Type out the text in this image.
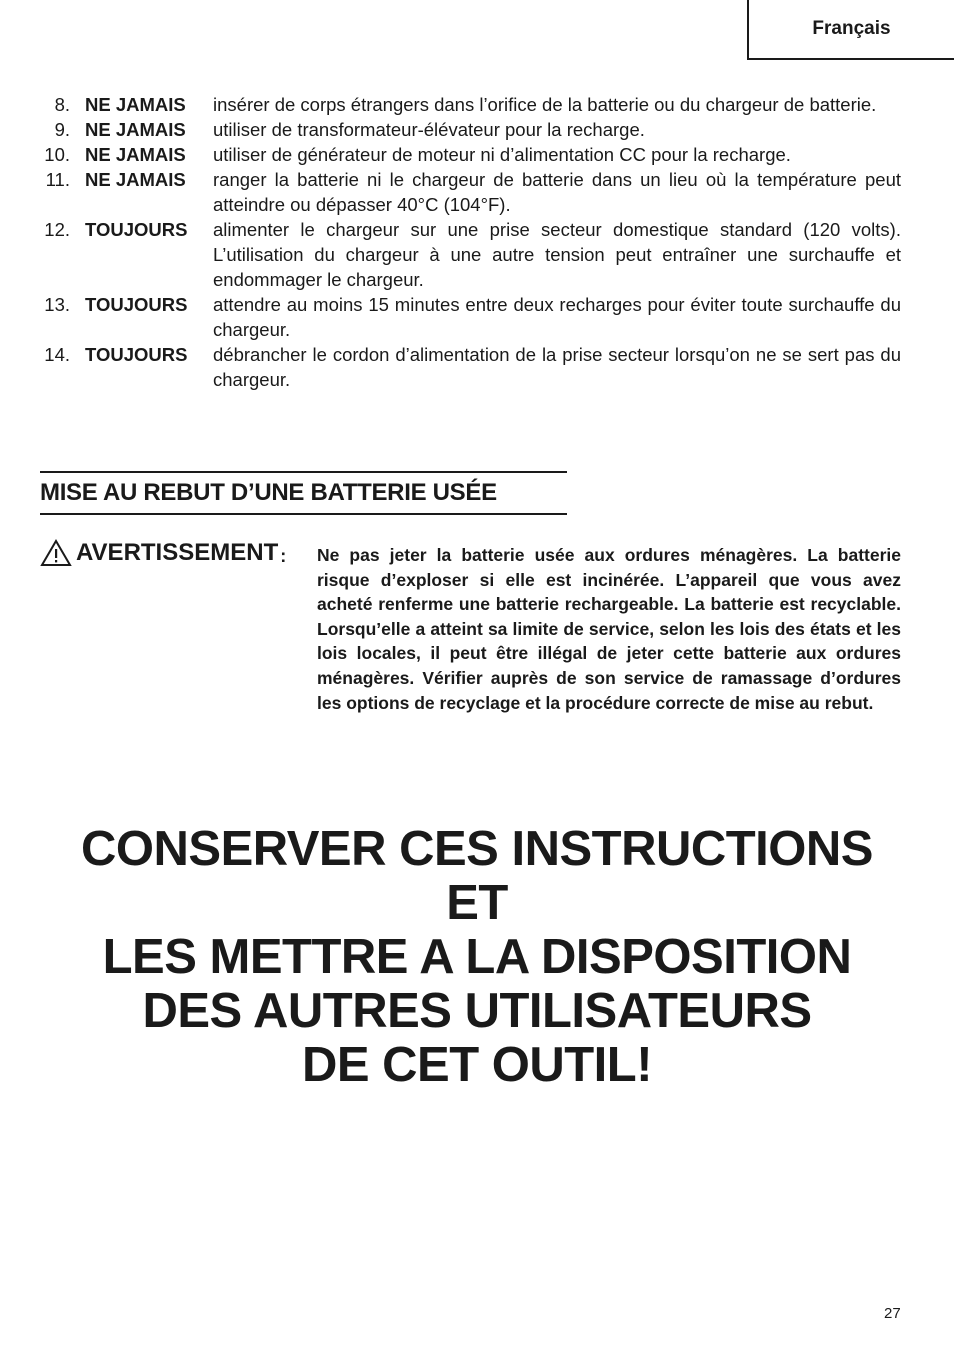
Français
8. NE JAMAIS	insérer de corps étrangers dans l’orifice de la batterie ou du chargeur de batterie.
9. NE JAMAIS	utiliser de transformateur-élévateur pour la recharge.
10. NE JAMAIS	utiliser de générateur de moteur ni d’alimentation CC pour la recharge.
11. NE JAMAIS	ranger la batterie ni le chargeur de batterie dans un lieu où la température peut atteindre ou dépasser 40°C (104°F).
12. TOUJOURS	alimenter le chargeur sur une prise secteur domestique standard (120 volts). L’utilisation du chargeur à une autre tension peut entraîner une surchauffe et endommager le chargeur.
13. TOUJOURS	attendre au moins 15 minutes entre deux recharges pour éviter toute surchauffe du chargeur.
14. TOUJOURS	débrancher le cordon d’alimentation de la prise secteur lorsqu’on ne se sert pas du chargeur.
MISE AU REBUT D’UNE BATTERIE USÉE
AVERTISSEMENT : Ne pas jeter la batterie usée aux ordures ménagères. La batterie risque d’exploser si elle est incinérée. L’appareil que vous avez acheté renferme une batterie rechargeable. La batterie est recyclable. Lorsqu’elle a atteint sa limite de service, selon les lois des états et les lois locales, il peut être illégal de jeter cette batterie aux ordures ménagères. Vérifier auprès de son service de ramassage d’ordures les options de recyclage et la procédure correcte de mise au rebut.
CONSERVER CES INSTRUCTIONS
ET
LES METTRE A LA DISPOSITION
DES AUTRES UTILISATEURS
DE CET OUTIL!
27
